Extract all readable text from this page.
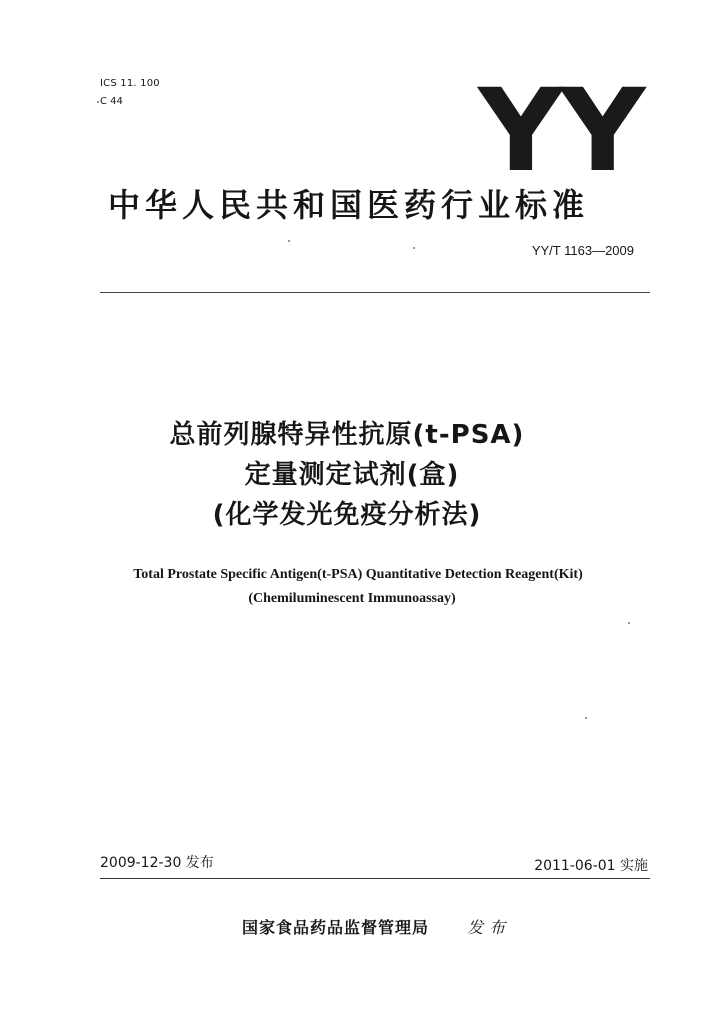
ICS 11. 100
C 44	YY
中华人民共和国医药行业标准
YY/T 1163—2009
总前列腺特异性抗原(t-PSA)
定量测定试剂(盒)
(化学发光免疫分析法)
Total Prostate Specific Antigen(t-PSA) Quantitative Detection Reagent(Kit)
(Chemiluminescent Immunoassay)
2009-12-30 发布	2011-06-01 实施
国家食品药品监督管理局 发布
